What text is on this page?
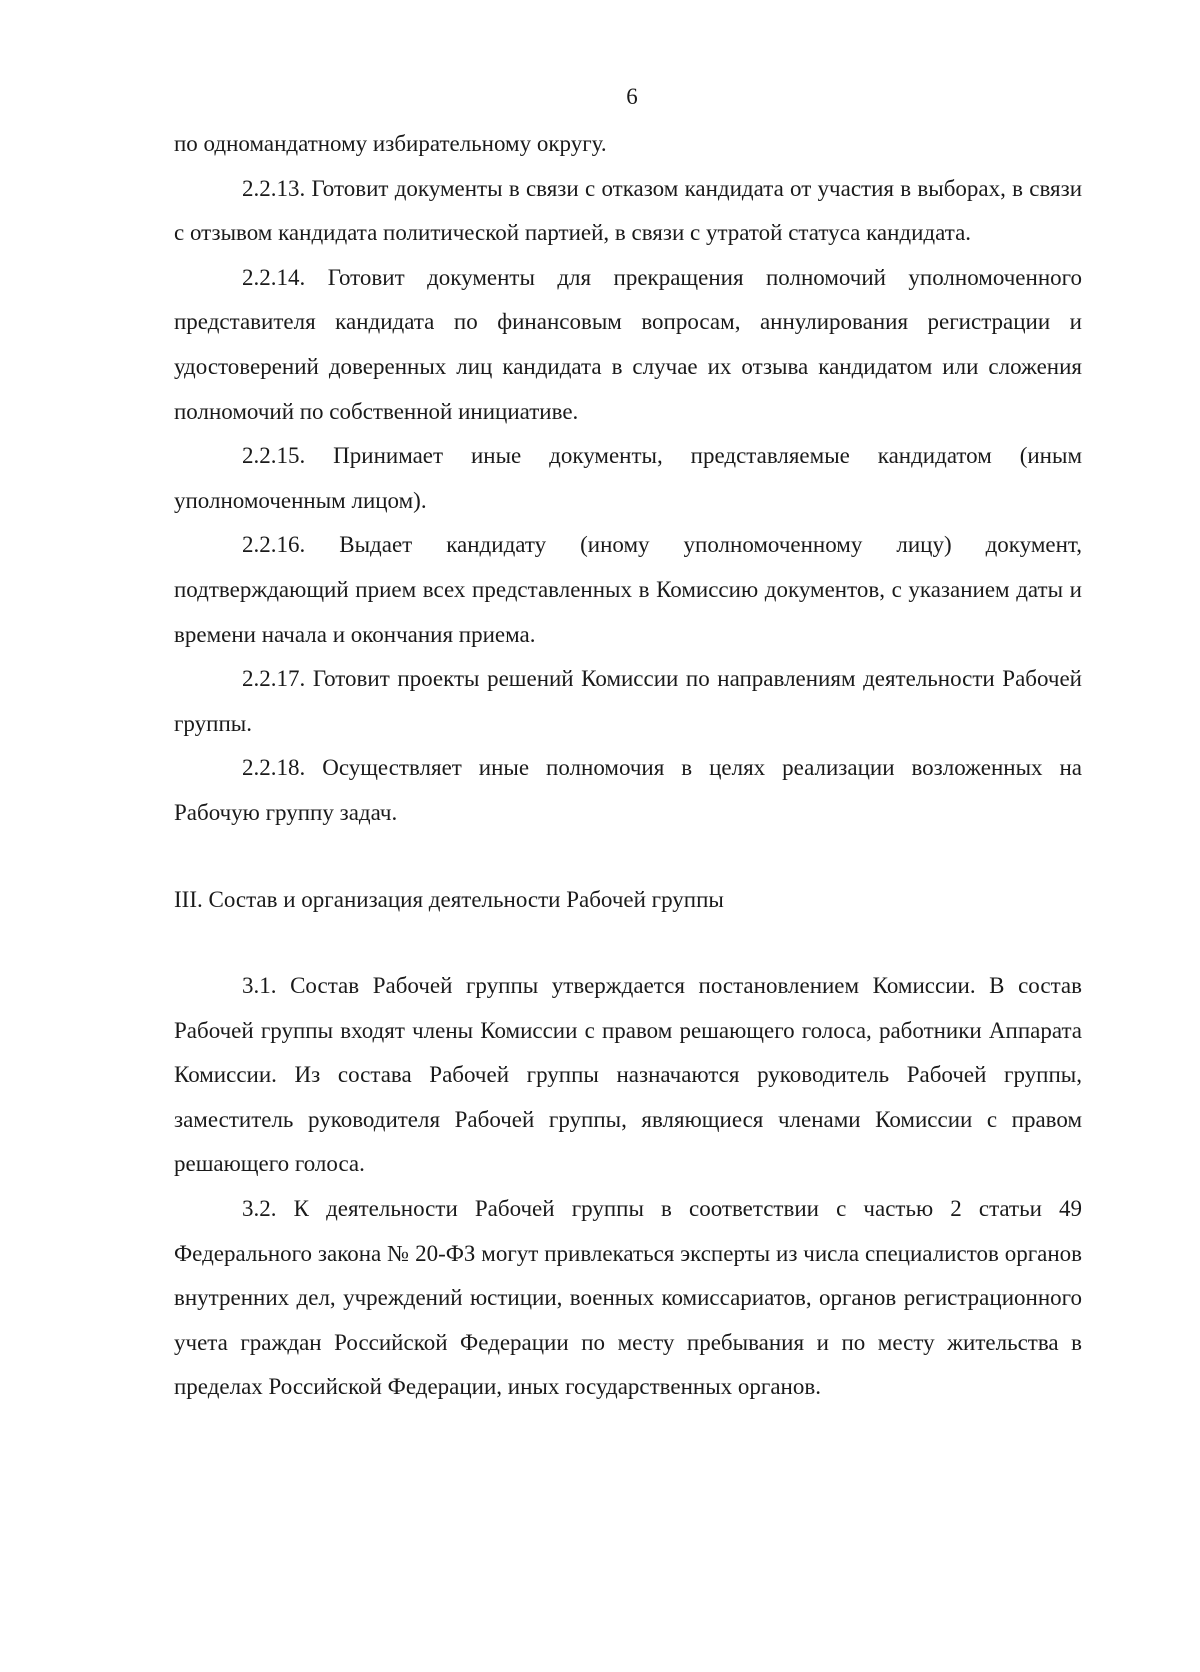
6

по одномандатному избирательному округу.

2.2.13. Готовит документы в связи с отказом кандидата от участия в выборах, в связи с отзывом кандидата политической партией, в связи с утратой статуса кандидата.

2.2.14. Готовит документы для прекращения полномочий уполномоченного представителя кандидата по финансовым вопросам, аннулирования регистрации и удостоверений доверенных лиц кандидата в случае их отзыва кандидатом или сложения полномочий по собственной инициативе.

2.2.15. Принимает иные документы, представляемые кандидатом (иным уполномоченным лицом).

2.2.16. Выдает кандидату (иному уполномоченному лицу) документ, подтверждающий прием всех представленных в Комиссию документов, с указанием даты и времени начала и окончания приема.

2.2.17. Готовит проекты решений Комиссии по направлениям деятельности Рабочей группы.

2.2.18. Осуществляет иные полномочия в целях реализации возложенных на Рабочую группу задач.

III. Состав и организация деятельности Рабочей группы

3.1. Состав Рабочей группы утверждается постановлением Комиссии. В состав Рабочей группы входят члены Комиссии с правом решающего голоса, работники Аппарата Комиссии. Из состава Рабочей группы назначаются руководитель Рабочей группы, заместитель руководителя Рабочей группы, являющиеся членами Комиссии с правом решающего голоса.

3.2. К деятельности Рабочей группы в соответствии с частью 2 статьи 49 Федерального закона № 20-ФЗ могут привлекаться эксперты из числа специалистов органов внутренних дел, учреждений юстиции, военных комиссариатов, органов регистрационного учета граждан Российской Федерации по месту пребывания и по месту жительства в пределах Российской Федерации, иных государственных органов.
